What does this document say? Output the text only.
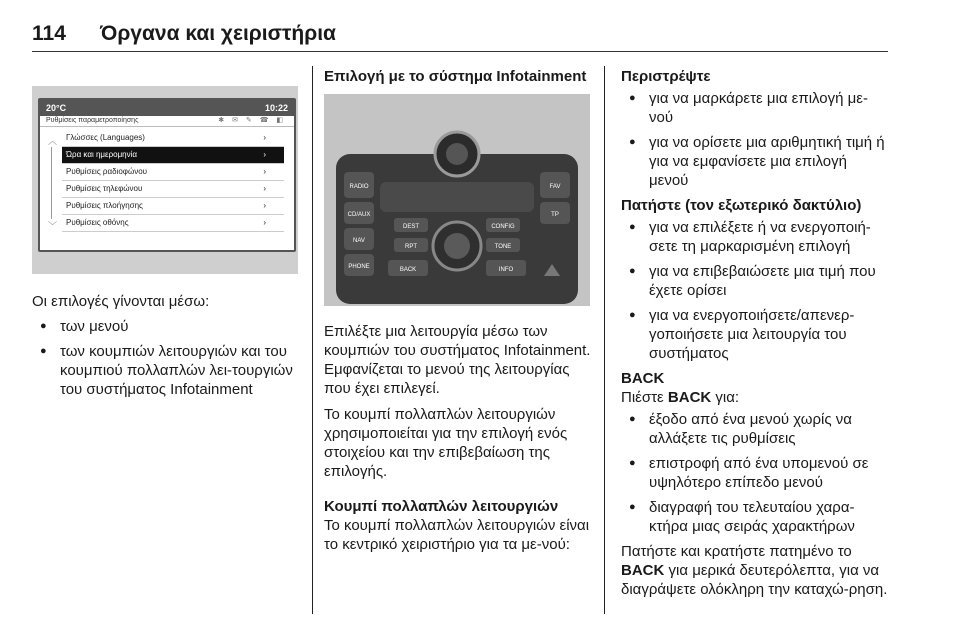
114 Όργανα και χειριστήρια
20°C	10:22
Ρυθμίσεις παραμετροποίησης	✱ ✉ ✎ ☎ ◧
︿
﹀
Γλώσσες (Languages)	›
Ώρα και ημερομηνία	›
Ρυθμίσεις ραδιοφώνου	›
Ρυθμίσεις τηλεφώνου	›
Ρυθμίσεις πλοήγησης	›
Ρυθμίσεις οθόνης	›

Οι επιλογές γίνονται μέσω:

● των μενού
● των κουμπιών λειτουργιών και του κουμπιού πολλαπλών λει-τουργιών του συστήματος Infotainment

Επιλογή με το σύστημα Infotainment

RADIO
CD/AUX
NAV
PHONE
FAV
TP
DEST	CONFIG
RPT	TONE
BACK	INFO

Επιλέξτε μια λειτουργία μέσω των κουμπιών του συστήματος Infotainment. Εμφανίζεται το μενού της λειτουργίας που έχει επιλεγεί.

Το κουμπί πολλαπλών λειτουργιών χρησιμοποιείται για την επιλογή ενός στοιχείου και την επιβεβαίωση της επιλογής.

Κουμπί πολλαπλών λειτουργιών

Το κουμπί πολλαπλών λειτουργιών είναι το κεντρικό χειριστήριο για τα με-νού:

Περιστρέψτε

● για να μαρκάρετε μια επιλογή με-νού
● για να ορίσετε μια αριθμητική τιμή ή για να εμφανίσετε μια επιλογή μενού

Πατήστε (τον εξωτερικό δακτύλιο)

● για να επιλέξετε ή να ενεργοποιή-σετε τη μαρκαρισμένη επιλογή
● για να επιβεβαιώσετε μια τιμή που έχετε ορίσει
● για να ενεργοποιήσετε/απενερ-γοποιήσετε μια λειτουργία του συστήματος

BACK

Πιέστε BACK για:

● έξοδο από ένα μενού χωρίς να αλλάξετε τις ρυθμίσεις
● επιστροφή από ένα υπομενού σε υψηλότερο επίπεδο μενού
● διαγραφή του τελευταίου χαρα-κτήρα μιας σειράς χαρακτήρων

Πατήστε και κρατήστε πατημένο το BACK για μερικά δευτερόλεπτα, για να διαγράψετε ολόκληρη την καταχώ-ρηση.
